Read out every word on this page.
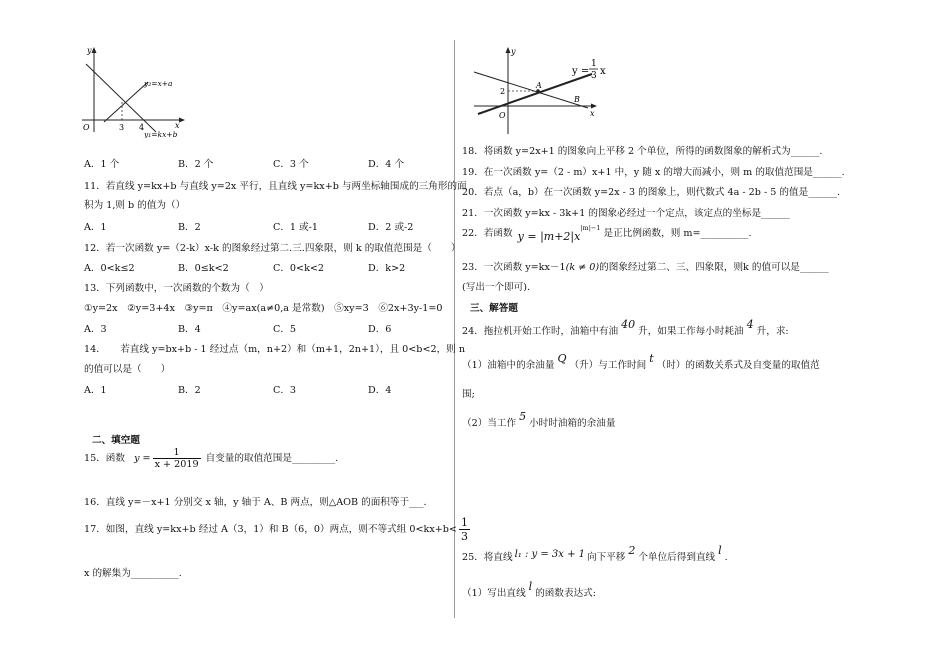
y
x
O	3 4
y₂=x+a
y₁=kx+b
A．1 个	B．2 个	C．3 个	D．4 个
11．若直线 y=kx+b 与直线 y=2x 平行，且直线 y=kx+b 与两坐标轴围成的三角形的面
积为 1,则 b 的值为（）
A．1	B．2	C．1 或-1	D．2 或-2
12．若一次函数 y=（2-k）x-k 的图象经过第二.三.四象限，则 k 的取值范围是（　　）
A．0<k≤2	B．0≤k<2	C．0<k<2	D．k>2
13．下列函数中，一次函数的个数为（　）
①y=2x　②y=3+4x　③y=π　④y=ax(a≠0,a 是常数)　⑤xy=3　⑥2x+3y-1=0
A．3	B．4	C．5	D．6
14．　　若直线 y=bx+b - 1 经过点（m，n+2）和（m+1，2n+1），且 0<b<2，则 n
的值可以是（　　）
A．1	B．2	C．3	D．4
二、填空题
15．函数 $y = \frac{1}{x + 2019}$ 自变量的取值范围是_________.
16．直线 y=－x+1 分别交 x 轴，y 轴于 A、B 两点，则△AOB 的面积等于___.
17．如图，直线 y=kx+b 经过 A（3，1）和 B（6，0）两点，则不等式组 $0<kx+b< \frac{1}{3}$
x 的解集为__________.
y
x
O
2
A
B
y =
1
3 x
18．将函数 y=2x+1 的图象向上平移 2 个单位，所得的函数图象的解析式为______.
19．在一次函数 y=（2 - m）x+1 中，y 随 x 的增大而减小，则 m 的取值范围是______.
20．若点（a，b）在一次函数 y=2x - 3 的图象上，则代数式 4a - 2b - 5 的值是______.
21．一次函数 y=kx - 3k+1 的图象必经过一个定点，该定点的坐标是______
22．若函数 $y = |m+2|x^{|m|-1}$ 是正比例函数，则 m=__________.
23．一次函数 y=kx－1(k ≠ 0)的图象经过第二、三、四象限，则k 的值可以是______
(写出一个即可).
三、解答题
24．拖拉机开始工作时，油箱中有油40升，如果工作每小时耗油4升，求:
（1）油箱中的余油量Q（升）与工作时间t（时）的函数关系式及自变量的取值范
围;
（2）当工作5小时时油箱的余油量
25．将直线 l₁ : y = 3x + 1 向下平移2个单位后得到直线l.
（1）写出直线l的函数表达式:
